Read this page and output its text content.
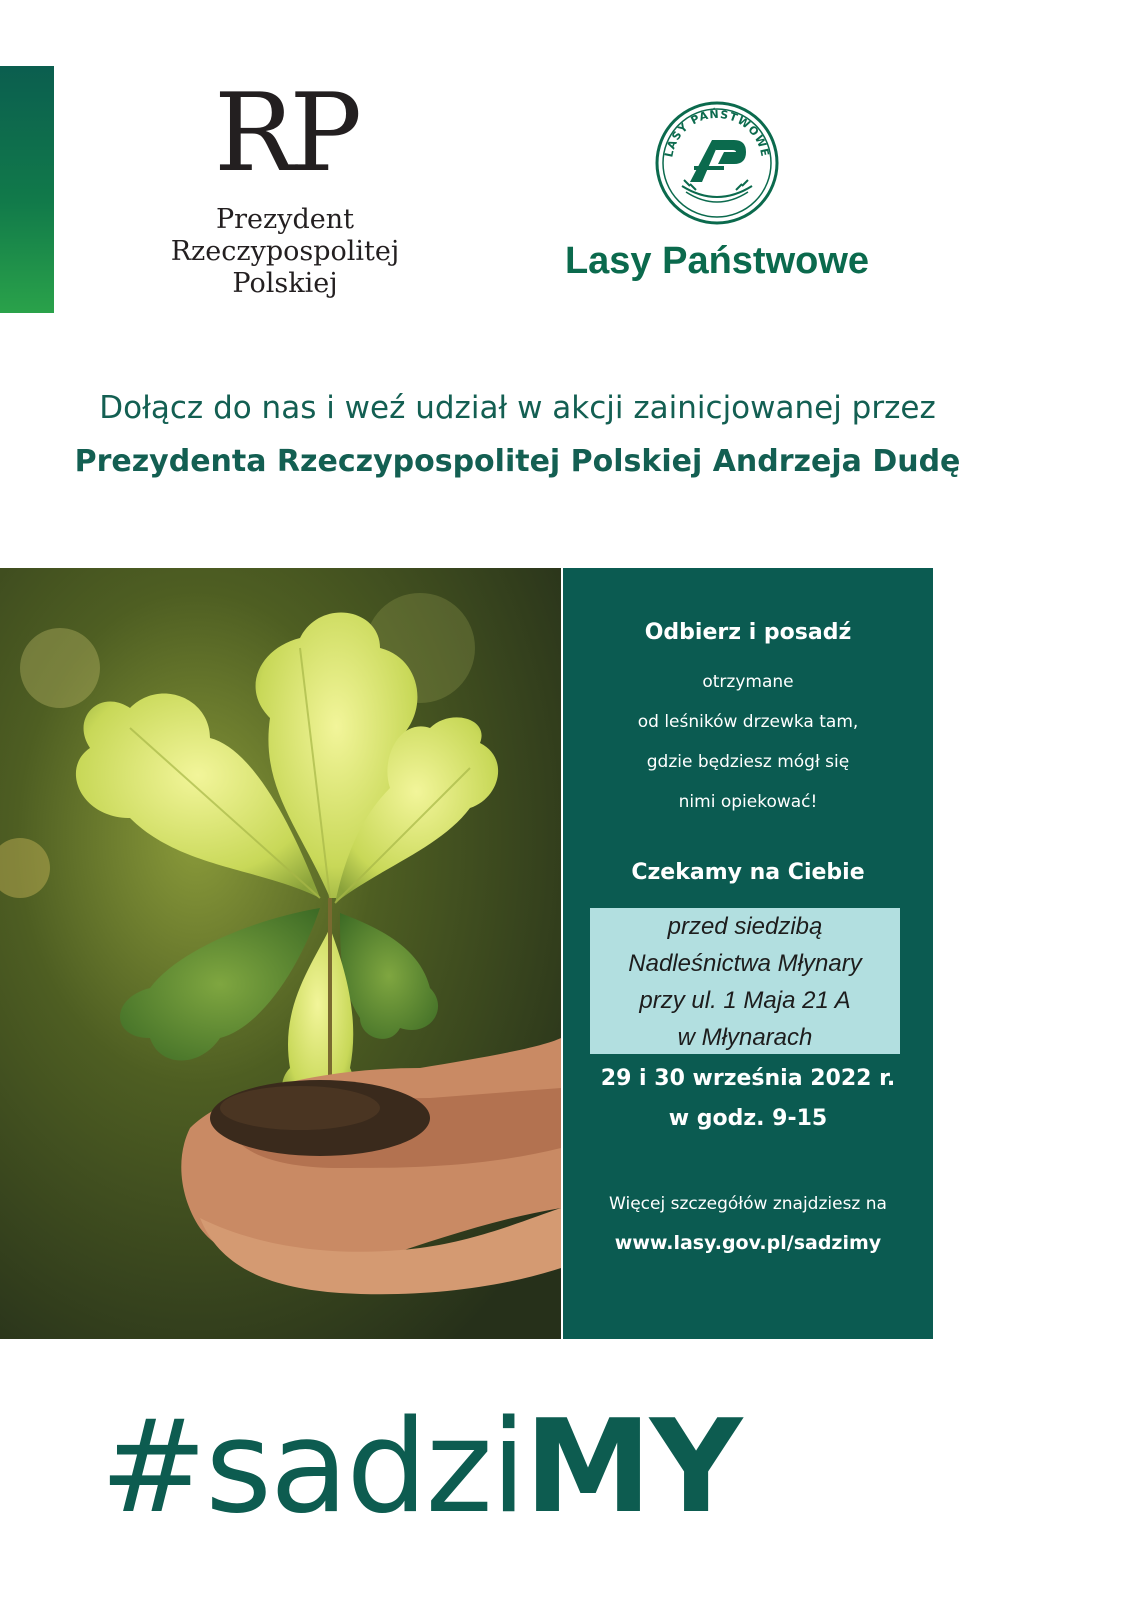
RP
Prezydent
Rzeczypospolitej
Polskiej
LASY PAŃSTWOWE
Lasy Państwowe
Dołącz do nas i weź udział w akcji zainicjowanej przez
Prezydenta Rzeczypospolitej Polskiej Andrzeja Dudę
Odbierz i posadź
otrzymane
od leśników drzewka tam,
gdzie będziesz mógł się
nimi opiekować!
Czekamy na Ciebie
przed siedzibą
Nadleśnictwa Młynary
przy ul. 1 Maja 21 A
w Młynarach
29 i 30 września 2022 r.
w godz. 9-15
Więcej szczegółów znajdziesz na
www.lasy.gov.pl/sadzimy
#sadziMY
